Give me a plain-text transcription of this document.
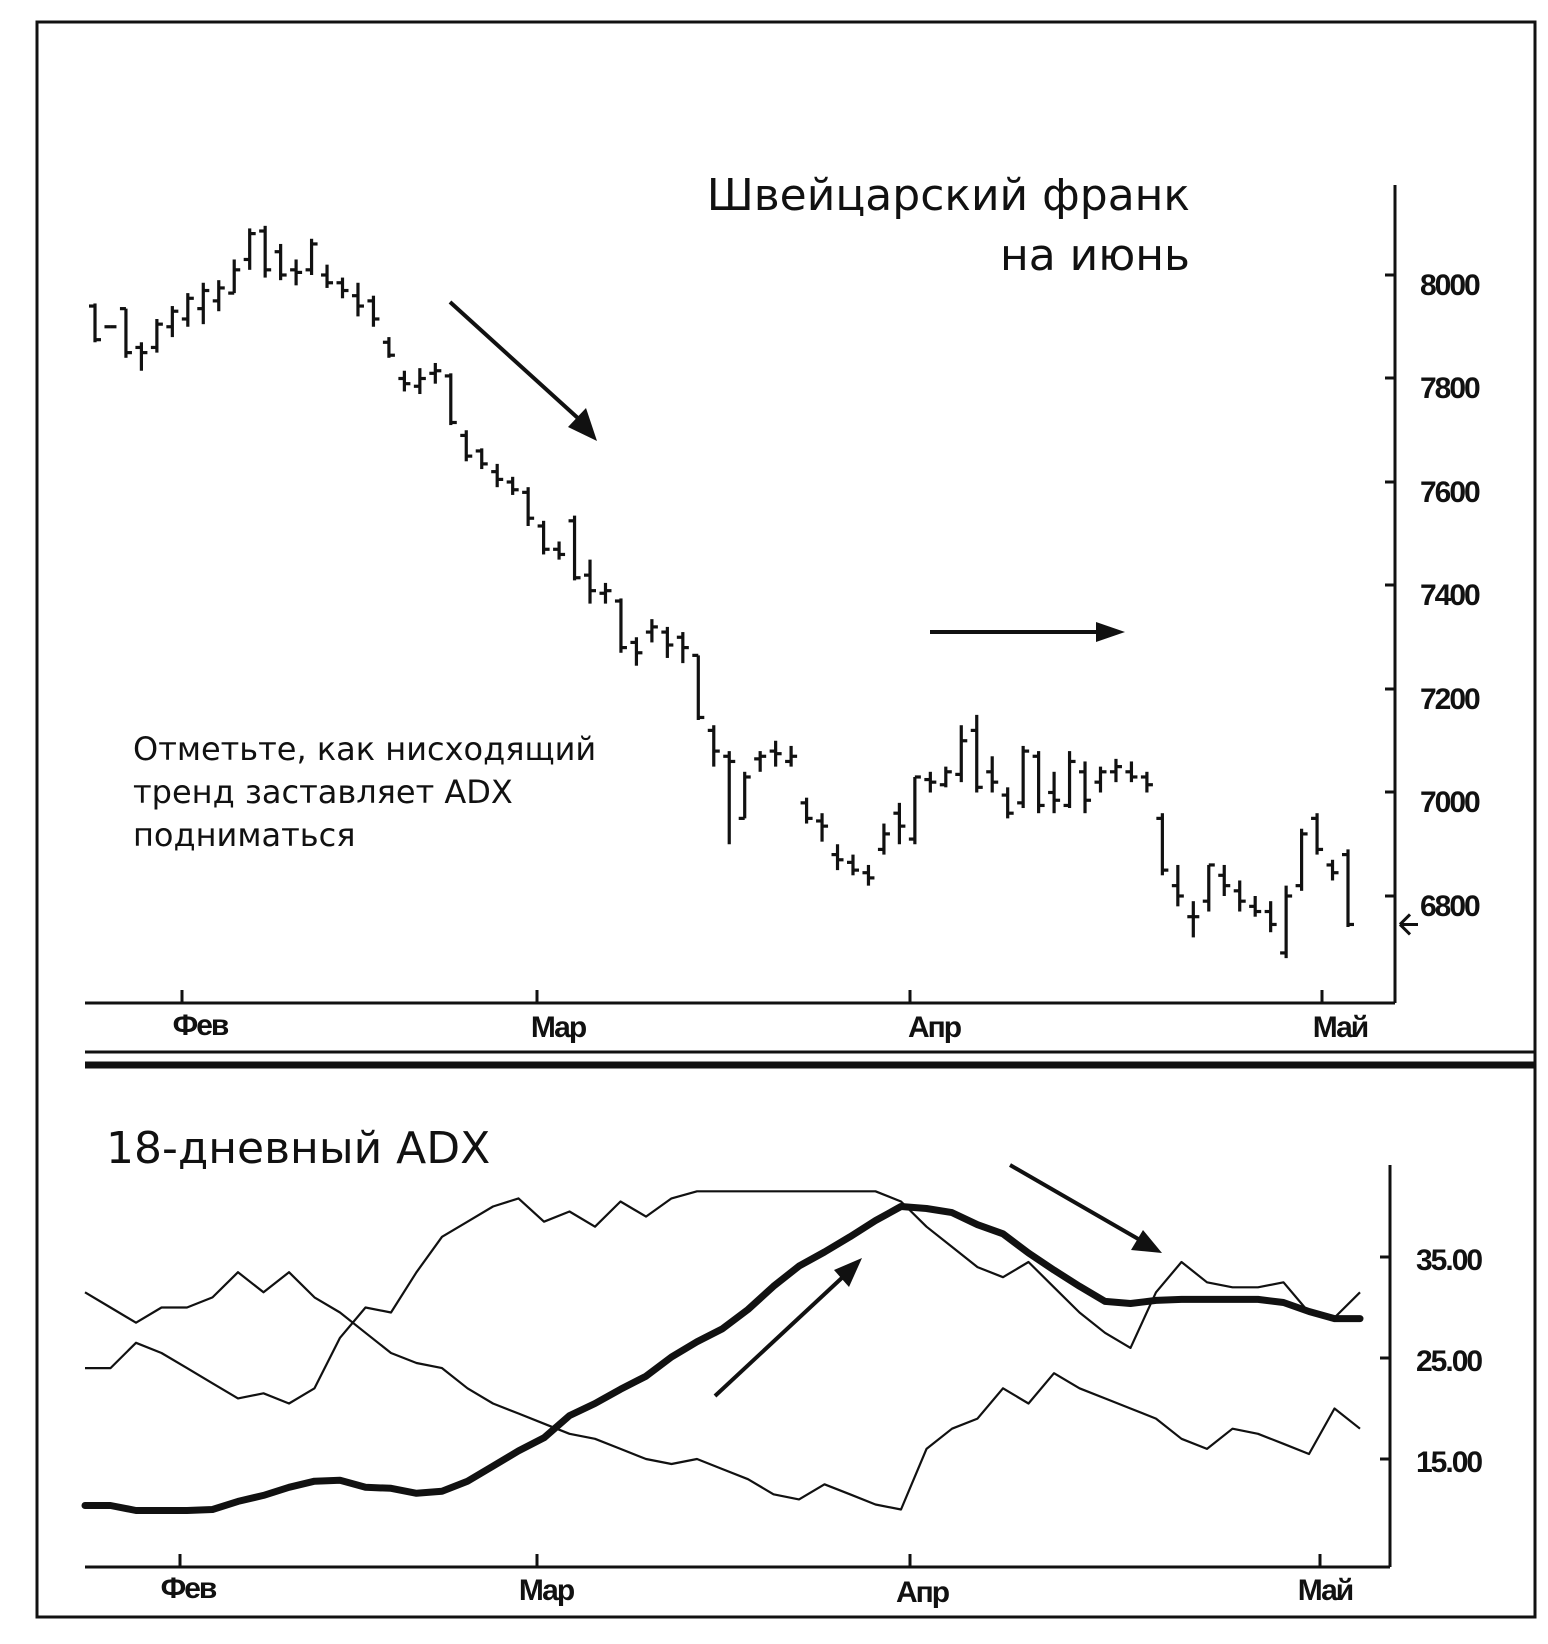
Швейцарский франк
на июнь
Отметьте, как нисходящий
тренд заставляет ADX
подниматься
8000
7800
7600
7400
7200
7000
6800
Фев	Мар	Апр	Май
18-дневный ADX
35.00
25.00
15.00
Фев	Мар	Апр	Май
